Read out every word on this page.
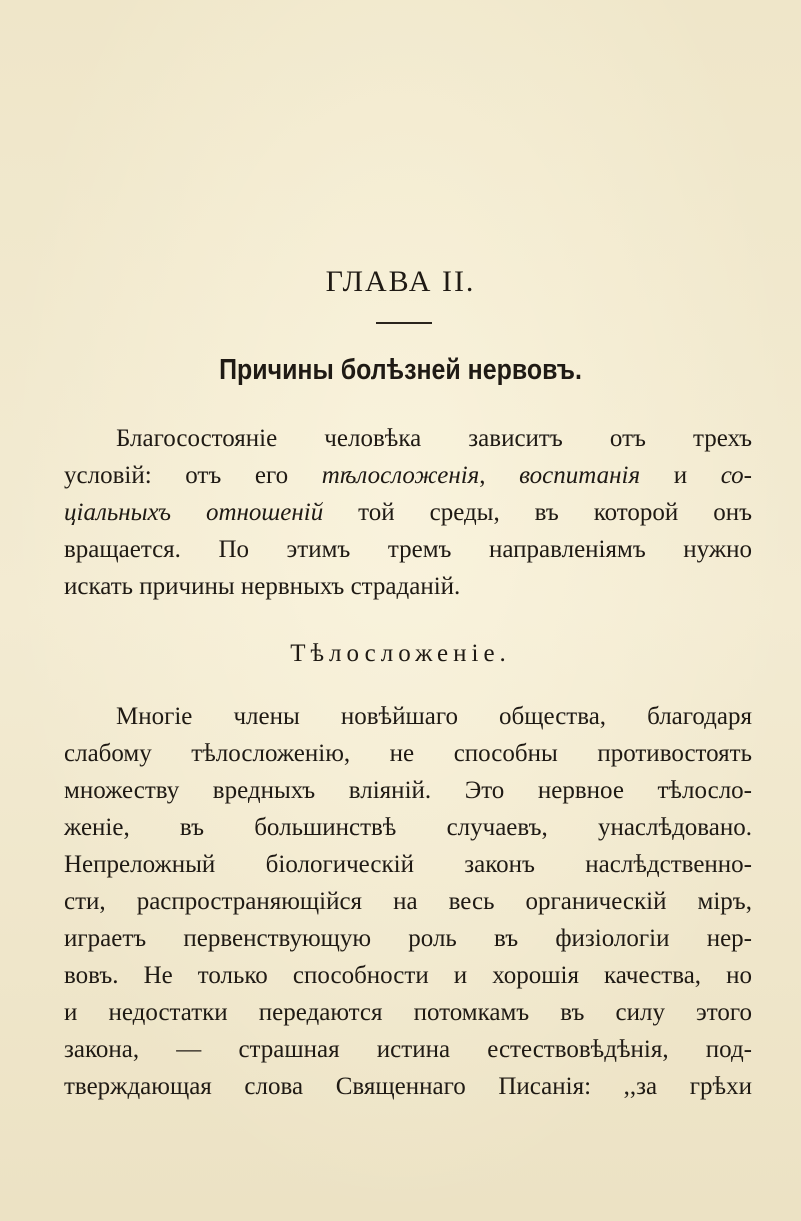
ГЛАВА II.
Причины болѣзней нервовъ.
Благосостояніе человѣка зависитъ отъ трехъ
условій: отъ его тѣлосложенія, воспитанія и со-
ціальныхъ отношеній той среды, въ которой онъ
вращается. По этимъ тремъ направленіямъ нужно
искать причины нервныхъ страданій.
Тѣлосложеніе.
Многіе члены новѣйшаго общества, благодаря
слабому тѣлосложенію, не способны противостоять
множеству вредныхъ вліяній. Это нервное тѣлосло-
женіе, въ большинствѣ случаевъ, унаслѣдовано.
Непреложный біологическій законъ наслѣдственно-
сти, распространяющійся на весь органическій міръ,
играетъ первенствующую роль въ физіологіи нер-
вовъ. Не только способности и хорошія качества, но
и недостатки передаются потомкамъ въ силу этого
закона, — страшная истина естествовѣдѣнія, под-
тверждающая слова Священнаго Писанія: ,,за грѣхи
